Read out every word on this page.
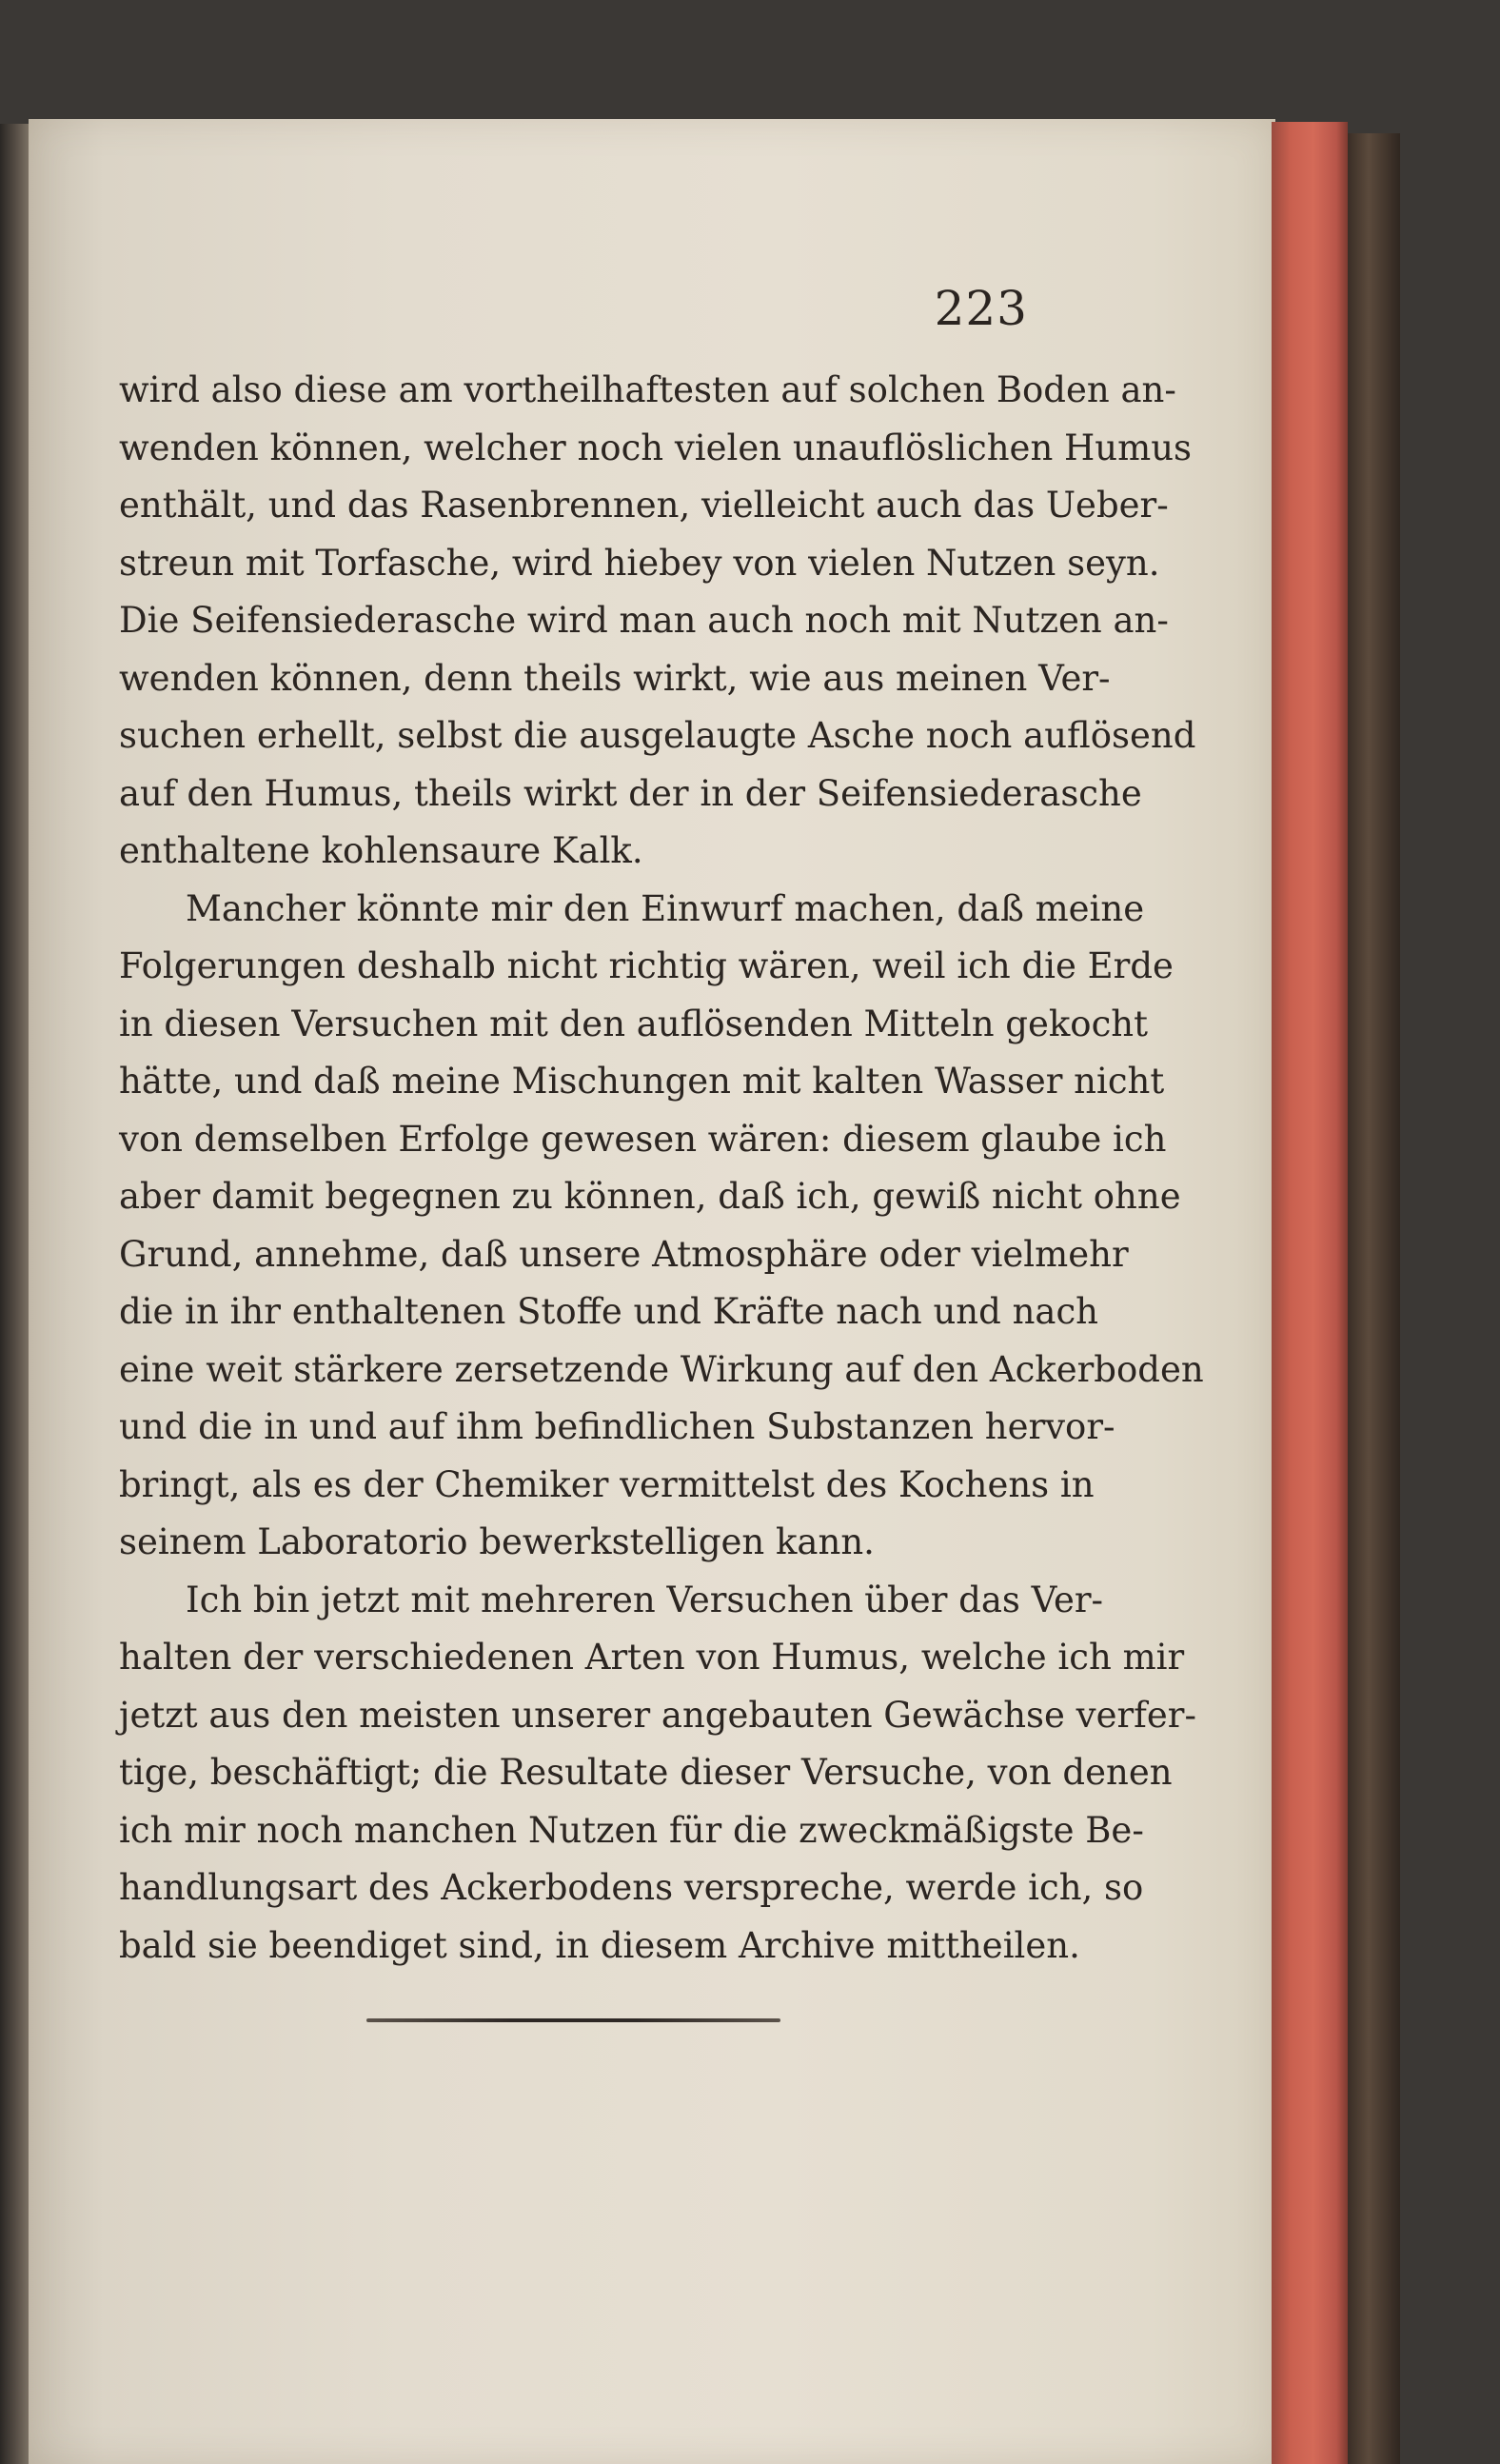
223
wird also diese am vortheilhaftesten auf solchen Boden an-
wenden können, welcher noch vielen unauflöslichen Humus
enthält, und das Rasenbrennen, vielleicht auch das Ueber-
streun mit Torfasche, wird hiebey von vielen Nutzen seyn.
Die Seifensiederasche wird man auch noch mit Nutzen an-
wenden können, denn theils wirkt, wie aus meinen Ver-
suchen erhellt, selbst die ausgelaugte Asche noch auflösend
auf den Humus, theils wirkt der in der Seifensiederasche
enthaltene kohlensaure Kalk.
Mancher könnte mir den Einwurf machen, daß meine
Folgerungen deshalb nicht richtig wären, weil ich die Erde
in diesen Versuchen mit den auflösenden Mitteln gekocht
hätte, und daß meine Mischungen mit kalten Wasser nicht
von demselben Erfolge gewesen wären: diesem glaube ich
aber damit begegnen zu können, daß ich, gewiß nicht ohne
Grund, annehme, daß unsere Atmosphäre oder vielmehr
die in ihr enthaltenen Stoffe und Kräfte nach und nach
eine weit stärkere zersetzende Wirkung auf den Ackerboden
und die in und auf ihm befindlichen Substanzen hervor-
bringt, als es der Chemiker vermittelst des Kochens in
seinem Laboratorio bewerkstelligen kann.
Ich bin jetzt mit mehreren Versuchen über das Ver-
halten der verschiedenen Arten von Humus, welche ich mir
jetzt aus den meisten unserer angebauten Gewächse verfer-
tige, beschäftigt; die Resultate dieser Versuche, von denen
ich mir noch manchen Nutzen für die zweckmäßigste Be-
handlungsart des Ackerbodens verspreche, werde ich, so
bald sie beendiget sind, in diesem Archive mittheilen.
